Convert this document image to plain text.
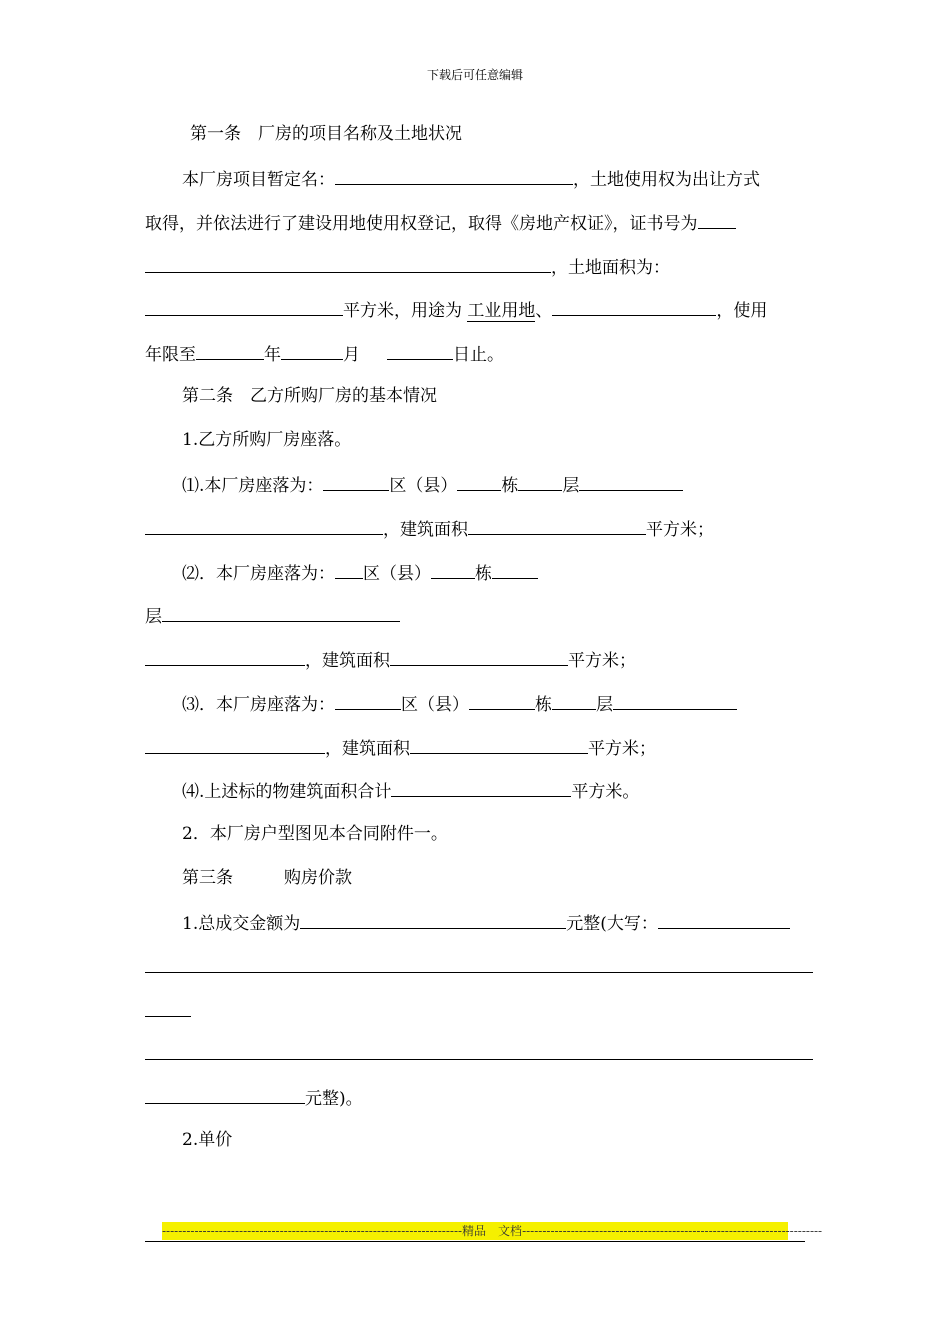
下载后可任意编辑
第一条　厂房的项目名称及土地状况
本厂房项目暂定名：	，土地使用权为出让方式
取得，并依法进行了建设用地使用权登记，取得《房地产权证》，证书号为
，土地面积为：
平方米，用途为 工业用地、	，使用
年限至	年	月	日止。
第二条　乙方所购厂房的基本情况
1.乙方所购厂房座落。
⑴.本厂房座落为：	区（县）	栋	层
，建筑面积	平方米；
⑵．本厂房座落为： 区（县）	栋
层
，建筑面积	平方米；
⑶．本厂房座落为：	区（县）	栋	层
，建筑面积	平方米；
⑷.上述标的物建筑面积合计	平方米。
2．本厂房户型图见本合同附件一。
第三条　　　购房价款
1.总成交金额为	元整(大写：
元整)。
2.单价
--------------------------------------------------------------------------精品　文档--------------------------------------------------------------------------
